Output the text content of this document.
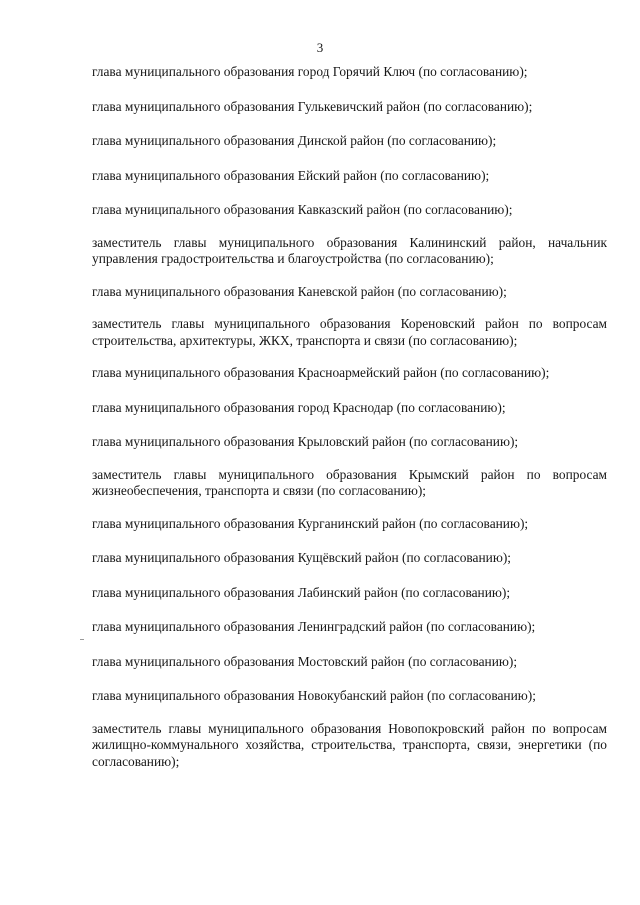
3

глава муниципального образования город Горячий Ключ (по согласованию);

глава муниципального образования Гулькевичский район (по согласованию);

глава муниципального образования Динской район (по согласованию);

глава муниципального образования Ейский район (по согласованию);

глава муниципального образования Кавказский район (по согласованию);

заместитель главы муниципального образования Калининский район, начальник управления градостроительства и благоустройства (по согласованию);

глава муниципального образования Каневской район (по согласованию);

заместитель главы муниципального образования Кореновский район по вопросам строительства, архитектуры, ЖКХ, транспорта и связи (по согласованию);

глава муниципального образования Красноармейский район (по согласованию);

глава муниципального образования город Краснодар (по согласованию);

глава муниципального образования Крыловский район (по согласованию);

заместитель главы муниципального образования Крымский район по вопросам жизнеобеспечения, транспорта и связи (по согласованию);

глава муниципального образования Курганинский район (по согласованию);

глава муниципального образования Кущёвский район (по согласованию);

глава муниципального образования Лабинский район (по согласованию);

глава муниципального образования Ленинградский район (по согласованию);

глава муниципального образования Мостовский район (по согласованию);

глава муниципального образования Новокубанский район (по согласованию);

заместитель главы муниципального образования Новопокровский район по вопросам жилищно-коммунального хозяйства, строительства, транспорта, связи, энергетики (по согласованию);
